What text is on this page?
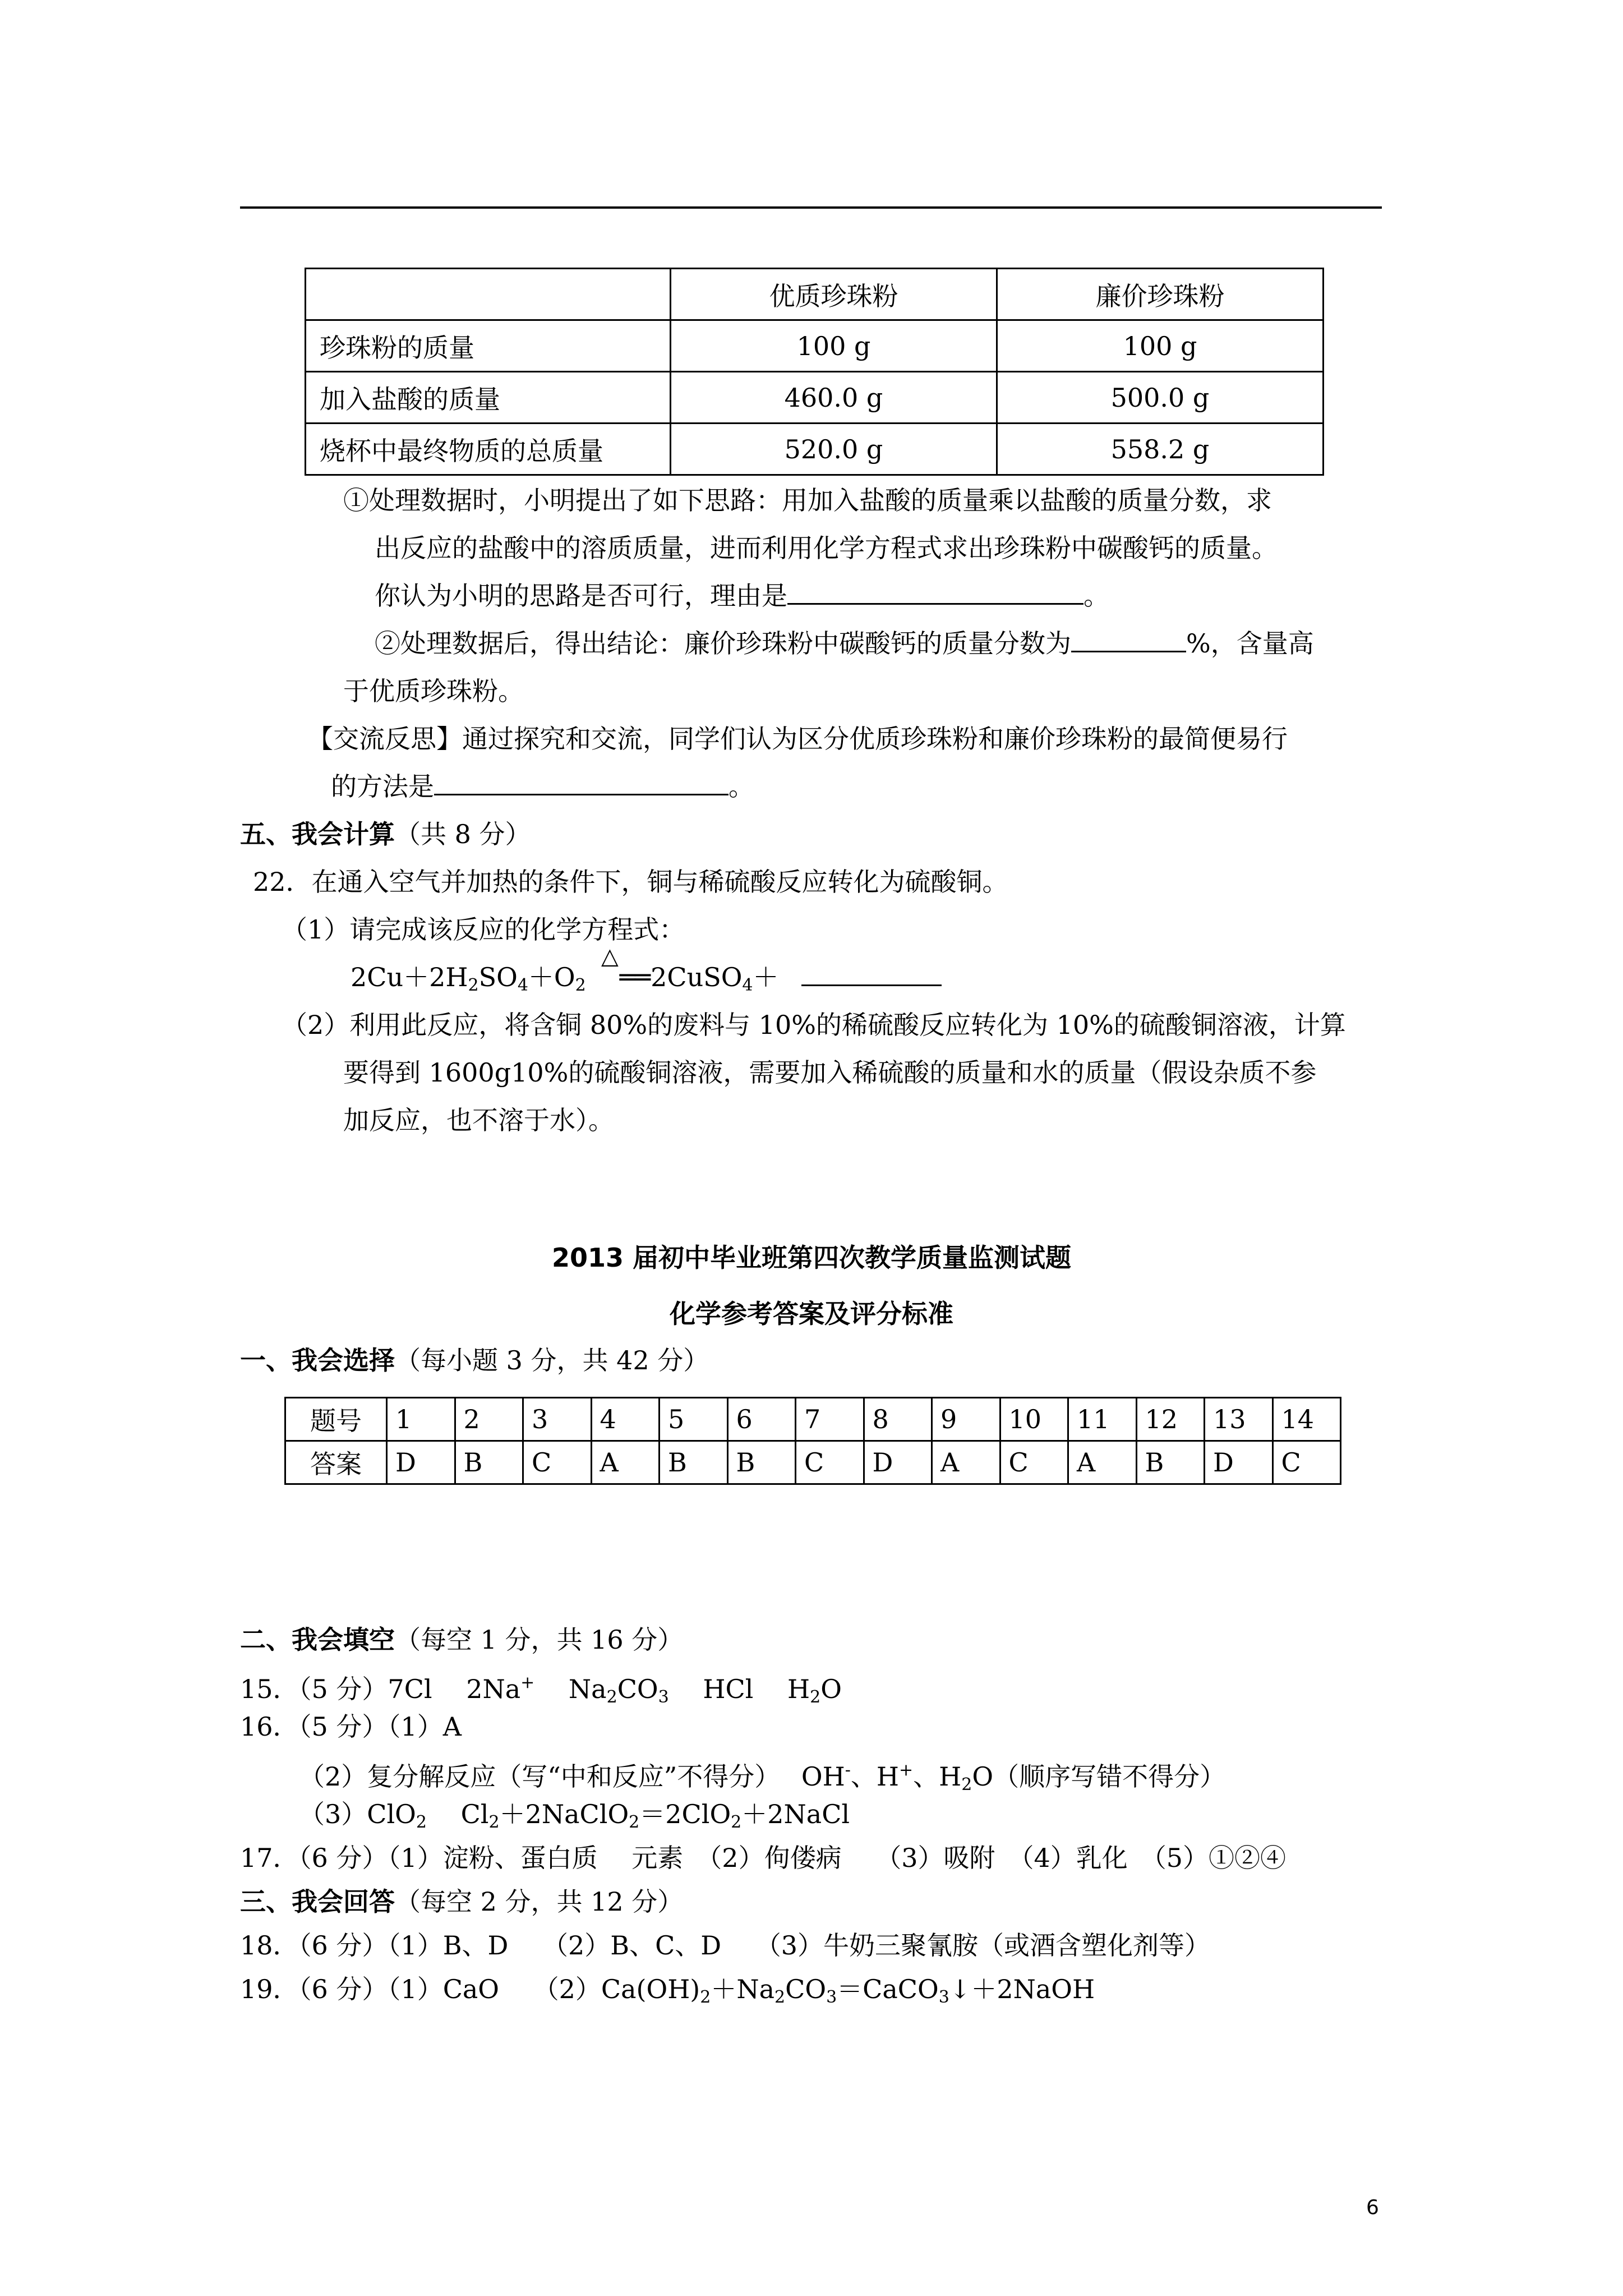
	优质珍珠粉	廉价珍珠粉
珍珠粉的质量	100 g	100 g
加入盐酸的质量	460.0 g	500.0 g
烧杯中最终物质的总质量	520.0 g	558.2 g
①处理数据时，小明提出了如下思路：用加入盐酸的质量乘以盐酸的质量分数，求
出反应的盐酸中的溶质质量，进而利用化学方程式求出珍珠粉中碳酸钙的质量。
你认为小明的思路是否可行，理由是	。
②处理数据后，得出结论：廉价珍珠粉中碳酸钙的质量分数为	%，含量高
于优质珍珠粉。
【交流反思】通过探究和交流，同学们认为区分优质珍珠粉和廉价珍珠粉的最简便易行
的方法是	。
五、我会计算（共 8 分）
22．在通入空气并加热的条件下，铜与稀硫酸反应转化为硫酸铜。
（1）请完成该反应的化学方程式：
$2Cu+2H_2SO_4+O_2$ ══2CuSO$_4$＋
△
（2）利用此反应，将含铜 80%的废料与 10%的稀硫酸反应转化为 10%的硫酸铜溶液，计算
要得到 1600g10%的硫酸铜溶液，需要加入稀硫酸的质量和水的质量（假设杂质不参
加反应，也不溶于水）。
2013 届初中毕业班第四次教学质量监测试题
化学参考答案及评分标准
一、我会选择（每小题 3 分，共 42 分）
题号	1	2	3	4	5	6	7	8	9	10	11	12	13	14
答案	D	B	C	A	B	B	C	D	A	C	A	B	D	C
二、我会填空（每空 1 分，共 16 分）
15．（5 分）7Cl　 2Na+　 $Na_2CO_3$　 HCl　 $H_2O$
16．（5 分）（1）A
（2）复分解反应（写“中和反应”不得分）　 OH-、H+、$H_2O$（顺序写错不得分）
（3）ClO$_2$　 $Cl_2+2NaClO_2=2ClO_2+2NaCl$
17．（6 分）（1）淀粉、蛋白质　 元素　（2）佝偻病　 （3）吸附　（4）乳化　（5）①②④
三、我会回答（每空 2 分，共 12 分）
18．（6 分）（1）B、D　 （2）B、C、D　 （3）牛奶三聚氰胺（或酒含塑化剂等）
19．（6 分）（1）CaO　 $(2)Ca(OH)_2+Na_2CO_3=CaCO_3↓+2NaOH$
6
